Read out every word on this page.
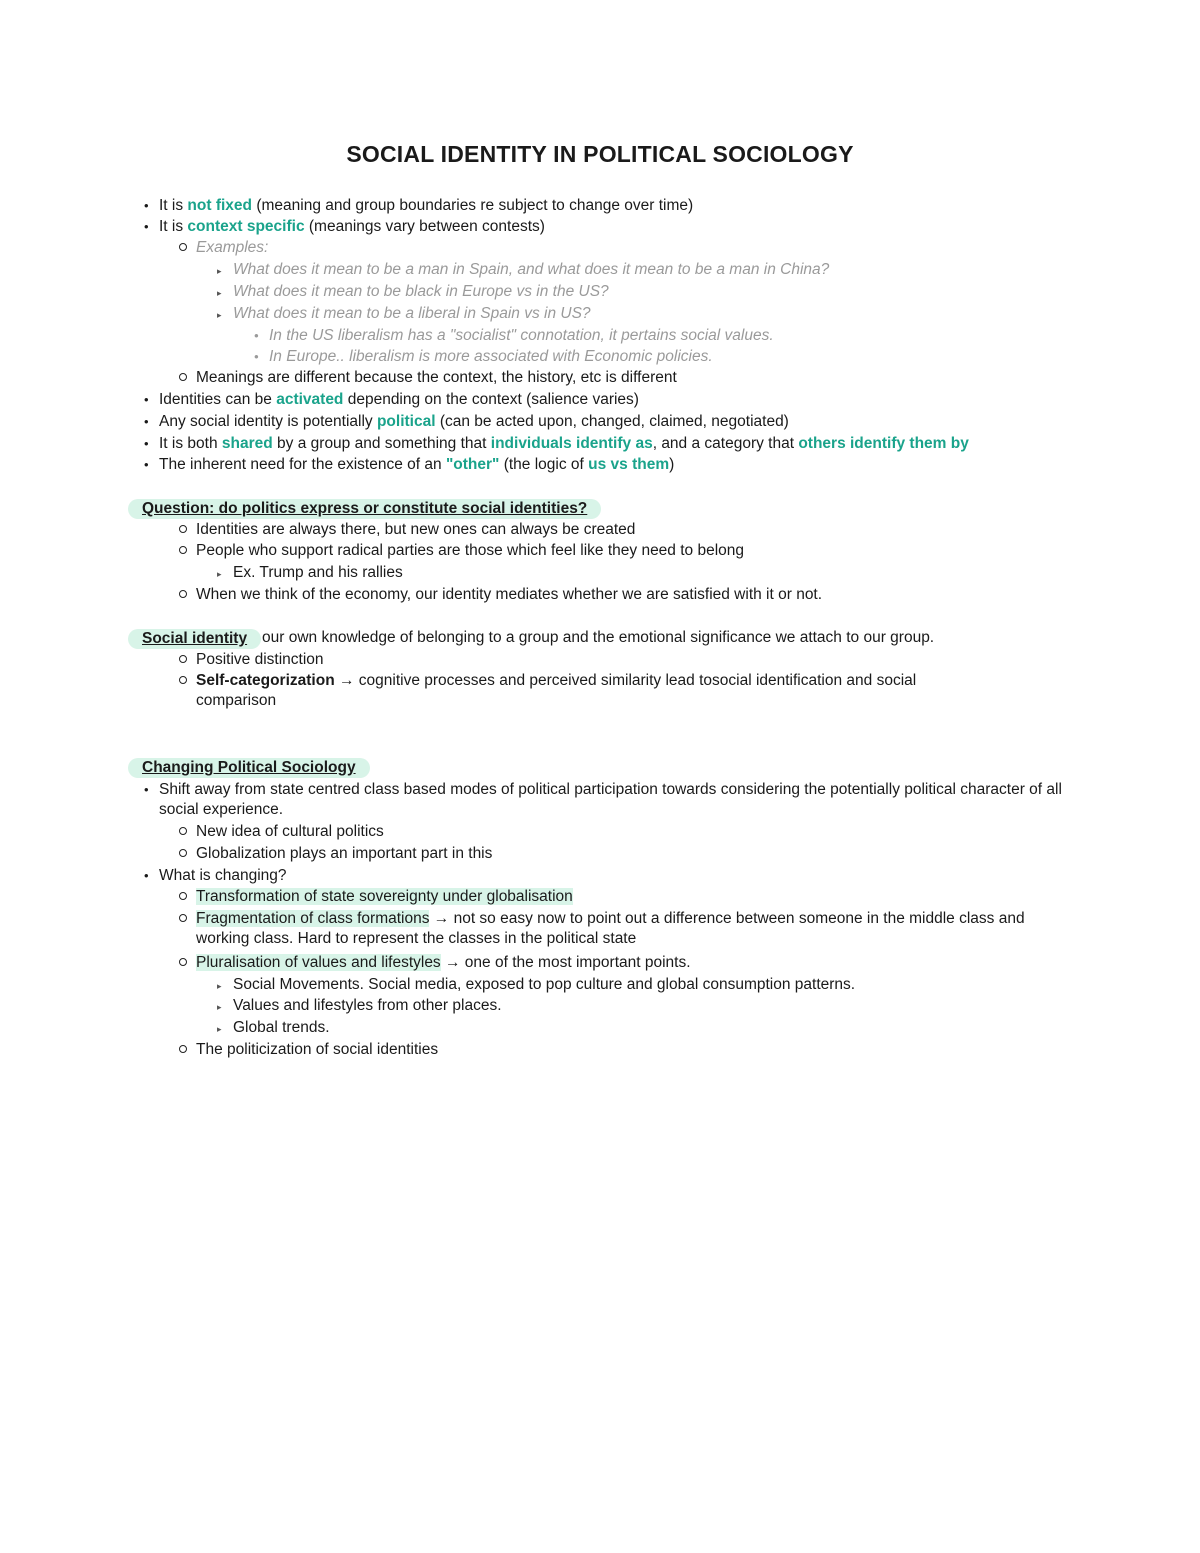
SOCIAL IDENTITY IN POLITICAL SOCIOLOGY
• It is not fixed (meaning and group boundaries re subject to change over time)
• It is context specific (meanings vary between contests)
Examples:
▸ What does it mean to be a man in Spain, and what does it mean to be a man in China?
▸ What does it mean to be black in Europe vs in the US?
▸ What does it mean to be a liberal in Spain vs in US?
• In the US liberalism has a "socialist" connotation, it pertains social values.
• In Europe.. liberalism is more associated with Economic policies.
Meanings are different because the context, the history, etc is different
• Identities can be activated depending on the context (salience varies)
• Any social identity is potentially political (can be acted upon, changed, claimed, negotiated)
• It is both shared by a group and something that individuals identify as, and a category that others identify them by
• The inherent need for the existence of an "other" (the logic of us vs them)
Question: do politics express or constitute social identities?
Identities are always there, but new ones can always be created
People who support radical parties are those which feel like they need to belong
▸ Ex. Trump and his rallies
When we think of the economy, our identity mediates whether we are satisfied with it or not.
Social identity our own knowledge of belonging to a group and the emotional significance we attach to our group.
Positive distinction
Self-categorization → cognitive processes and perceived similarity lead tosocial identification and social comparison
Changing Political Sociology
• Shift away from state centred class based modes of political participation towards considering the potentially political character of all social experience.
New idea of cultural politics
Globalization plays an important part in this
• What is changing?
Transformation of state sovereignty under globalisation
Fragmentation of class formations → not so easy now to point out a difference between someone in the middle class and working class. Hard to represent the classes in the political state
Pluralisation of values and lifestyles → one of the most important points.
▸ Social Movements. Social media, exposed to pop culture and global consumption patterns.
▸ Values and lifestyles from other places.
▸ Global trends.
The politicization of social identities
